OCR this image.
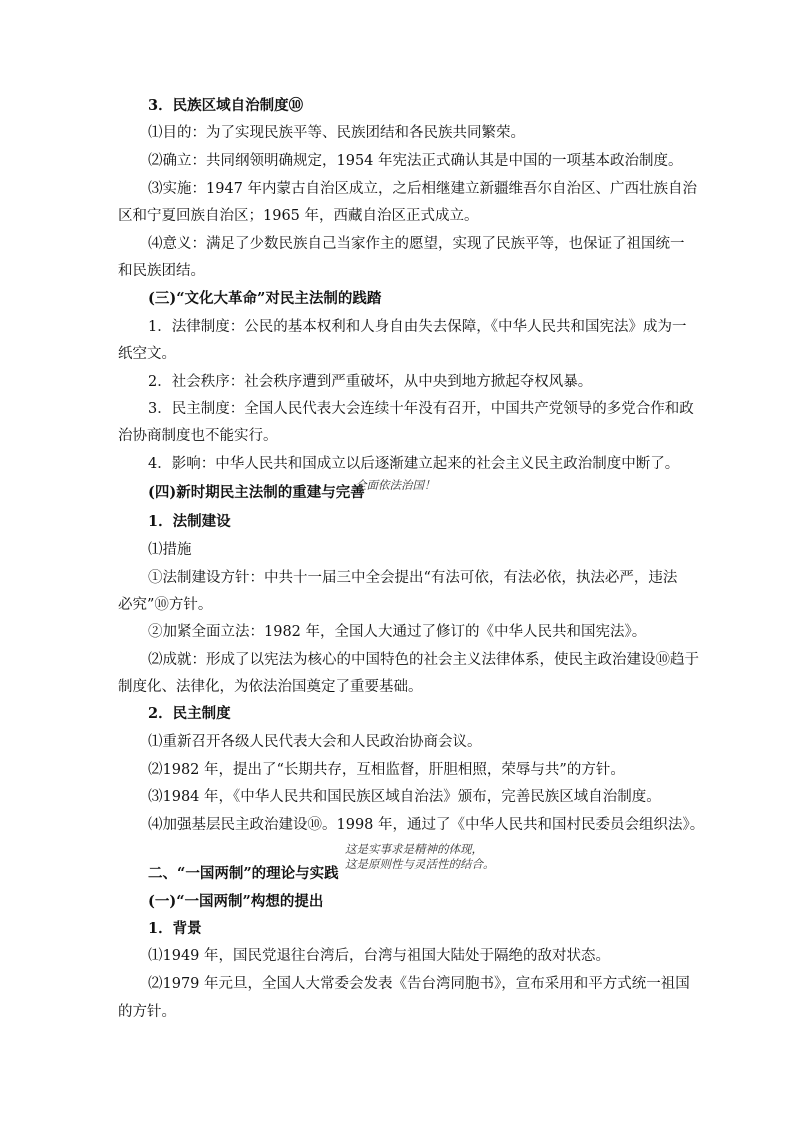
3．民族区域自治制度⑩
⑴目的：为了实现民族平等、民族团结和各民族共同繁荣。
⑵确立：共同纲领明确规定，1954 年宪法正式确认其是中国的一项基本政治制度。
⑶实施：1947 年内蒙古自治区成立，之后相继建立新疆维吾尔自治区、广西壮族自治
区和宁夏回族自治区；1965 年，西藏自治区正式成立。
⑷意义：满足了少数民族自己当家作主的愿望，实现了民族平等，也保证了祖国统一
和民族团结。
(三)“文化大革命”对民主法制的践踏
1．法律制度：公民的基本权利和人身自由失去保障，《中华人民共和国宪法》成为一
纸空文。
2．社会秩序：社会秩序遭到严重破坏，从中央到地方掀起夺权风暴。
3．民主制度：全国人民代表大会连续十年没有召开，中国共产党领导的多党合作和政
治协商制度也不能实行。
4．影响：中华人民共和国成立以后逐渐建立起来的社会主义民主政治制度中断了。
(四)新时期民主法制的重建与完善
全面依法治国！
1．法制建设
⑴措施
①法制建设方针：中共十一届三中全会提出“有法可依，有法必依，执法必严，违法
必究”⑩方针。
②加紧全面立法：1982 年，全国人大通过了修订的《中华人民共和国宪法》。
⑵成就：形成了以宪法为核心的中国特色的社会主义法律体系，使民主政治建设⑩趋于
制度化、法律化，为依法治国奠定了重要基础。
2．民主制度
⑴重新召开各级人民代表大会和人民政治协商会议。
⑵1982 年，提出了“长期共存，互相监督，肝胆相照，荣辱与共”的方针。
⑶1984 年，《中华人民共和国民族区域自治法》颁布，完善民族区域自治制度。
⑷加强基层民主政治建设⑩。1998 年，通过了《中华人民共和国村民委员会组织法》。
这是实事求是精神的体现，
这是原则性与灵活性的结合。
二、“一国两制”的理论与实践
(一)“一国两制”构想的提出
1．背景
⑴1949 年，国民党退往台湾后，台湾与祖国大陆处于隔绝的敌对状态。
⑵1979 年元旦，全国人大常委会发表《告台湾同胞书》，宣布采用和平方式统一祖国
的方针。
